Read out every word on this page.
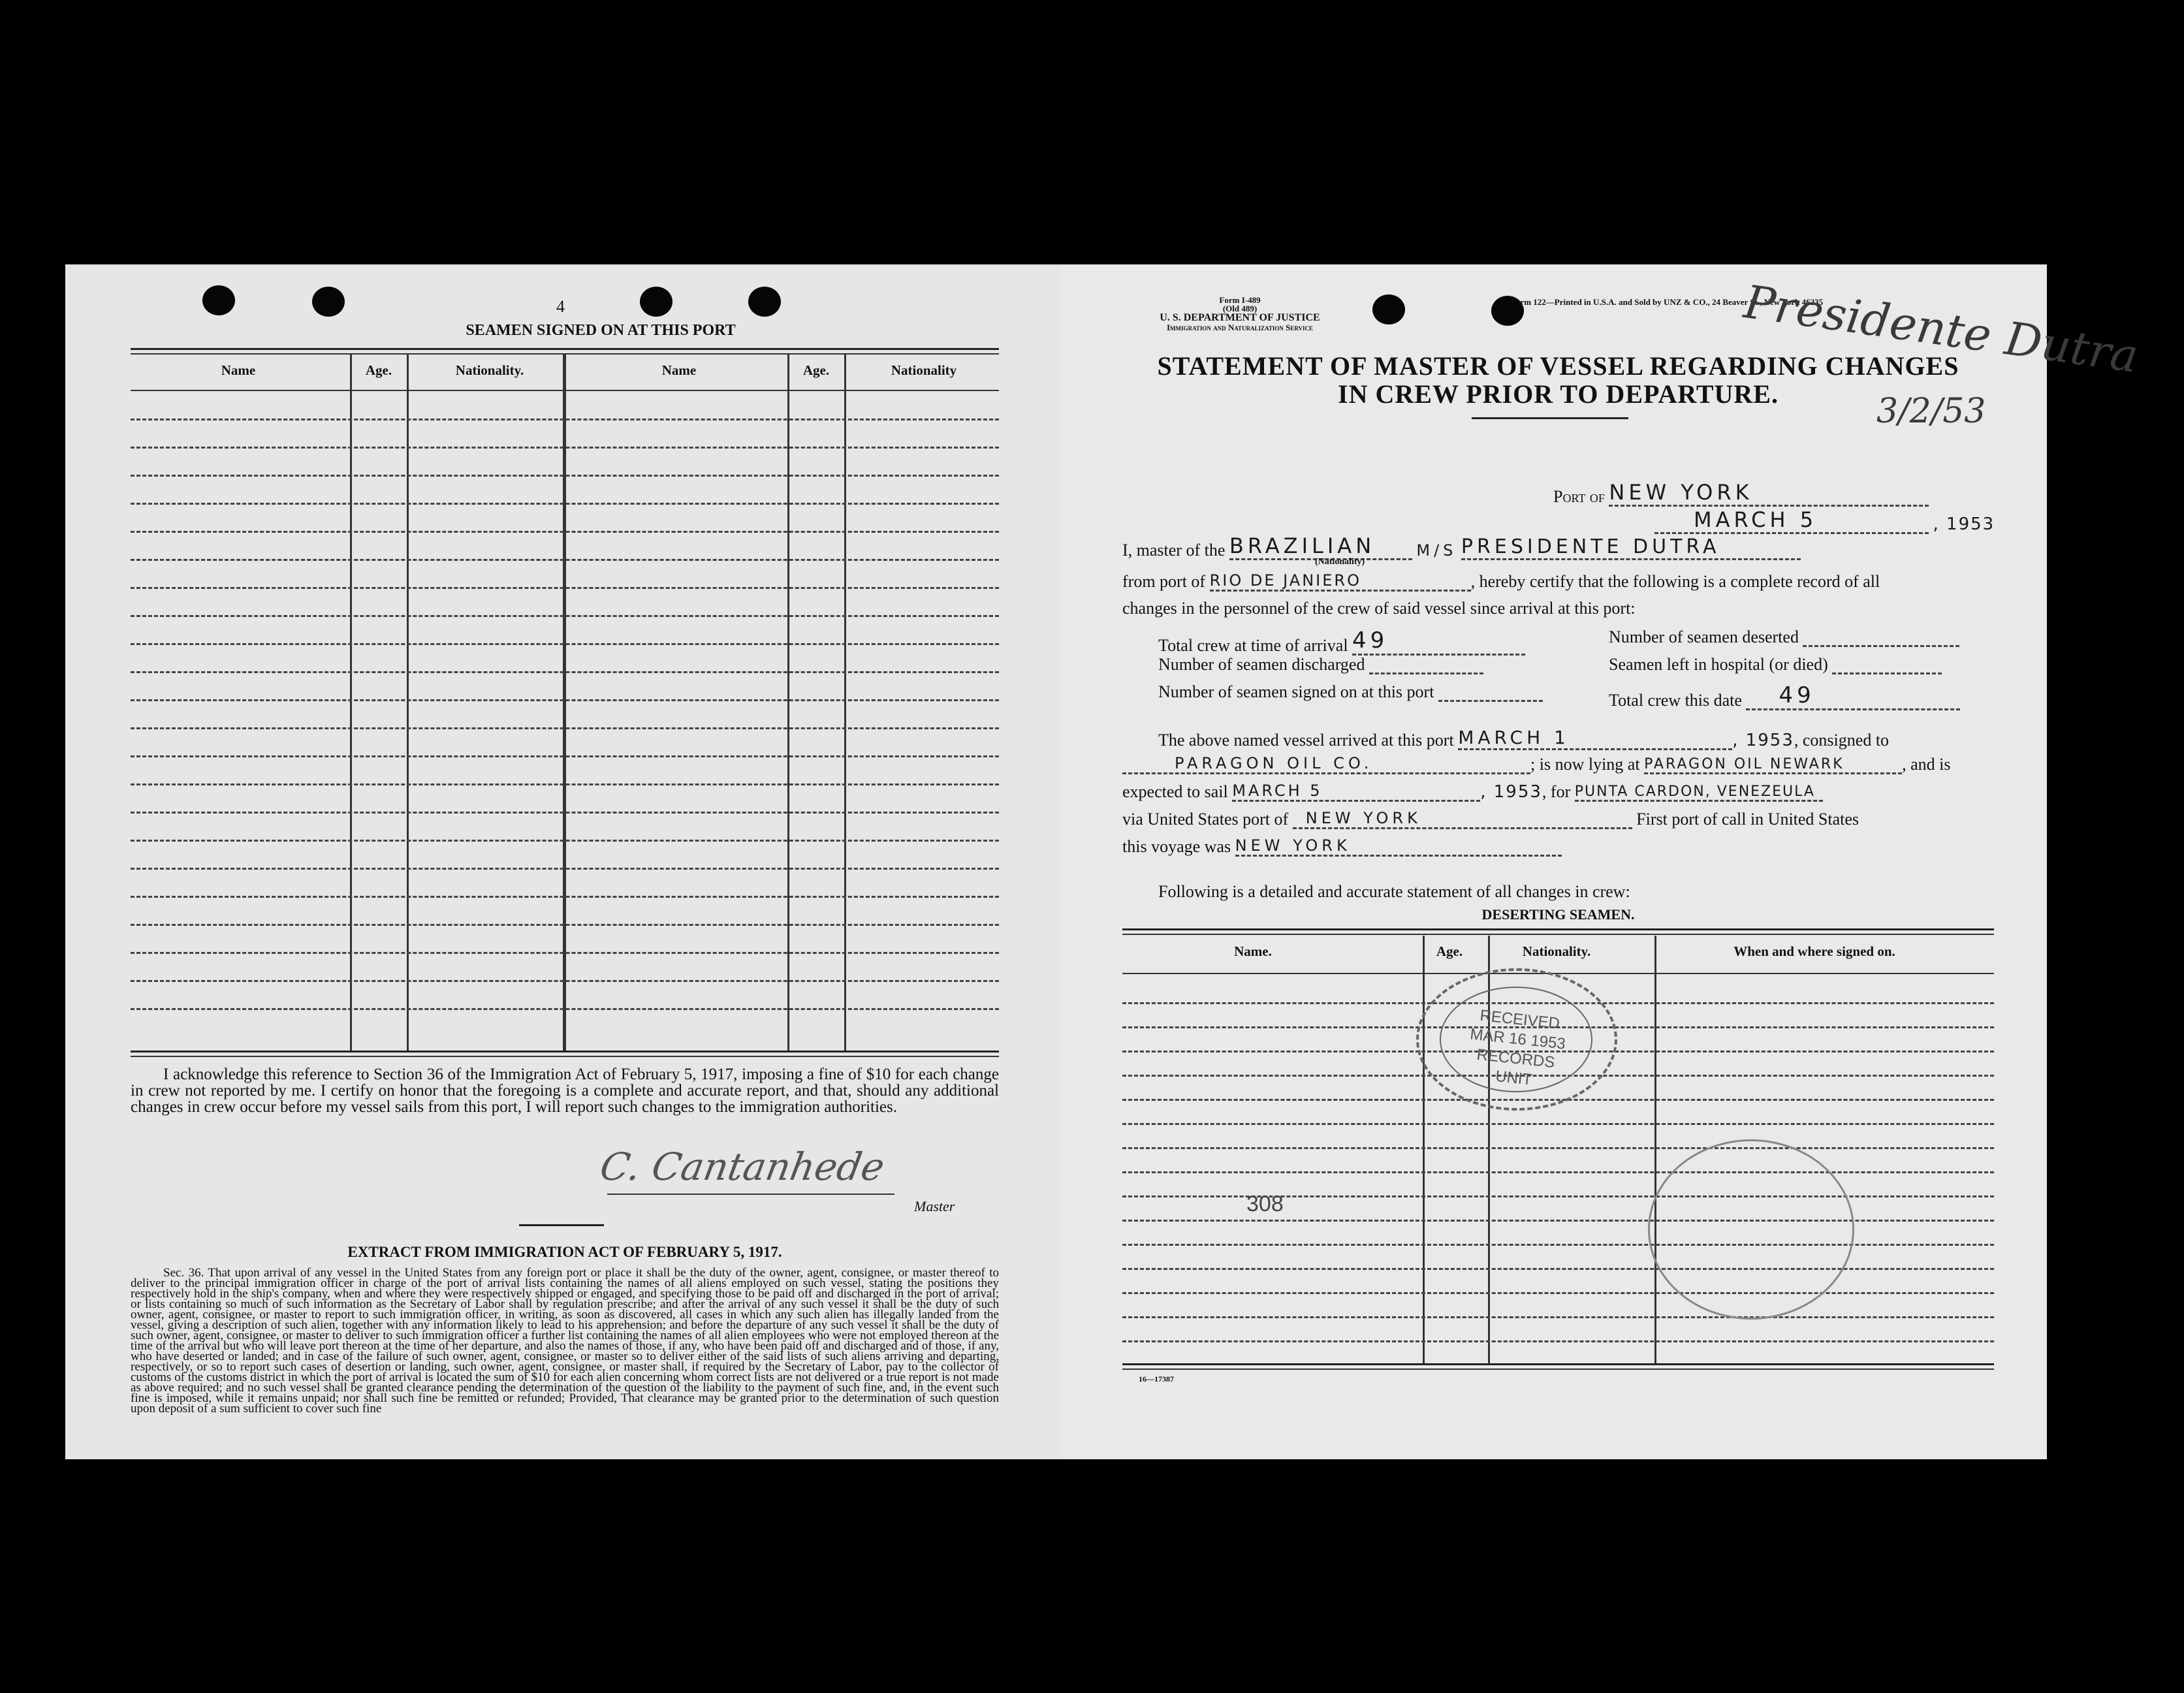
4
SEAMEN SIGNED ON AT THIS PORT
Name	Age.	Nationality.	Name	Age.	Nationality
I acknowledge this reference to Section 36 of the Immigration Act of February 5, 1917, imposing a fine of $10 for each change in crew not reported by me. I certify on honor that the foregoing is a complete and accurate report, and that, should any additional changes in crew occur before my vessel sails from this port, I will report such changes to the immigration authorities.
C. Cantanhede
Master
EXTRACT FROM IMMIGRATION ACT OF FEBRUARY 5, 1917.
Sec. 36. That upon arrival of any vessel in the United States from any foreign port or place it shall be the duty of the owner, agent, consignee, or master thereof to deliver to the principal immigration officer in charge of the port of arrival lists containing the names of all aliens employed on such vessel, stating the positions they respectively hold in the ship's company, when and where they were respectively shipped or engaged, and specifying those to be paid off and discharged in the port of arrival; or lists containing so much of such information as the Secretary of Labor shall by regulation prescribe; and after the arrival of any such vessel it shall be the duty of such owner, agent, consignee, or master to report to such immigration officer, in writing, as soon as discovered, all cases in which any such alien has illegally landed from the vessel, giving a description of such alien, together with any information likely to lead to his apprehension; and before the departure of any such vessel it shall be the duty of such owner, agent, consignee, or master to deliver to such immigration officer a further list containing the names of all alien employees who were not employed thereon at the time of the arrival but who will leave port thereon at the time of her departure, and also the names of those, if any, who have been paid off and discharged and of those, if any, who have deserted or landed; and in case of the failure of such owner, agent, consignee, or master so to deliver either of the said lists of such aliens arriving and departing, respectively, or so to report such cases of desertion or landing, such owner, agent, consignee, or master shall, if required by the Secretary of Labor, pay to the collector of customs of the customs district in which the port of arrival is located the sum of $10 for each alien concerning whom correct lists are not delivered or a true report is not made as above required; and no such vessel shall be granted clearance pending the determination of the question of the liability to the payment of such fine, and, in the event such fine is imposed, while it remains unpaid; nor shall such fine be remitted or refunded; Provided, That clearance may be granted prior to the determination of such question upon deposit of a sum sufficient to cover such fine
Form I-489
(Old 489)
U. S. DEPARTMENT OF JUSTICE
Immigration and Naturalization Service
Form 122—Printed in U.S.A. and Sold by UNZ & CO., 24 Beaver St., New York 46235
Presidente Dutra
3/2/53
STATEMENT OF MASTER OF VESSEL REGARDING CHANGES
IN CREW PRIOR TO DEPARTURE.
Port of NEW YORK
MARCH 5	, 1953
I, master of the BRAZILIAN	M/S PRESIDENTE DUTRA
(Nationality)
from port of RIO DE JANIERO	, hereby certify that the following is a complete record of all
changes in the personnel of the crew of said vessel since arrival at this port:
Total crew at time of arrival 49	Number of seamen deserted
Number of seamen discharged	Seamen left in hospital (or died)
Number of seamen signed on at this port	Total crew this date 49
The above named vessel arrived at this port MARCH 1	, 1953, consigned to
PARAGON OIL CO.	; is now lying at PARAGON OIL NEWARK	, and is
expected to sail MARCH 5	, 1953, for PUNTA CARDON, VENEZEULA
via United States port of NEW YORK	First port of call in United States
this voyage was NEW YORK
Following is a detailed and accurate statement of all changes in crew:
DESERTING SEAMEN.
Name.	Age.	Nationality.	When and where signed on.
RECEIVED
MAR 16 1953
RECORDS UNIT
308
16—17387
